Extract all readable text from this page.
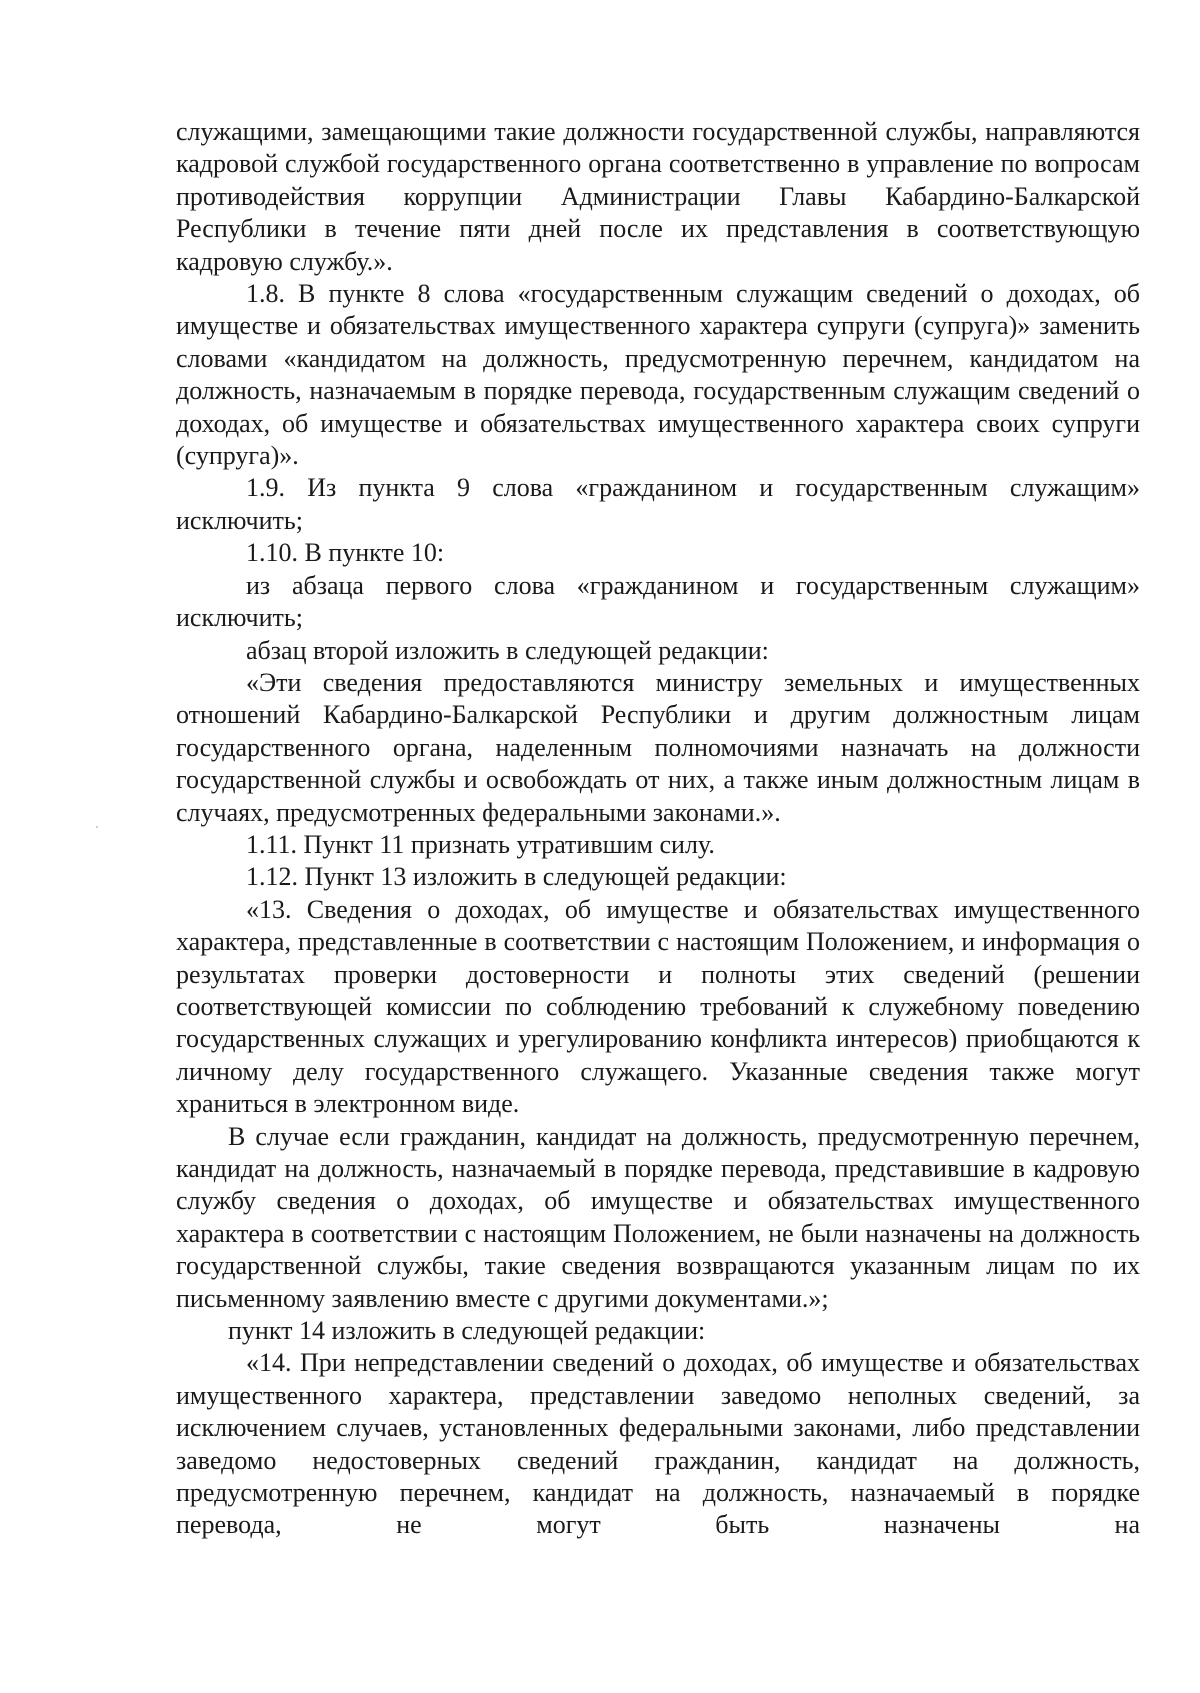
служащими, замещающими такие должности государственной службы, направляются кадровой службой государственного органа соответственно в управление по вопросам противодействия коррупции Администрации Главы Кабардино-Балкарской Республики в течение пяти дней после их представления в соответствующую кадровую службу.».

1.8. В пункте 8 слова «государственным служащим сведений о доходах, об имуществе и обязательствах имущественного характера супруги (супруга)» заменить словами «кандидатом на должность, предусмотренную перечнем, кандидатом на должность, назначаемым в порядке перевода, государственным служащим сведений о доходах, об имуществе и обязательствах имущественного характера своих супруги (супруга)».

1.9. Из пункта 9 слова «гражданином и государственным служащим» исключить;

1.10. В пункте 10:

из абзаца первого слова «гражданином и государственным служащим» исключить;

абзац второй изложить в следующей редакции:

«Эти сведения предоставляются министру земельных и имущественных отношений Кабардино-Балкарской Республики и другим должностным лицам государственного органа, наделенным полномочиями назначать на должности государственной службы и освобождать от них, а также иным должностным лицам в случаях, предусмотренных федеральными законами.».

1.11. Пункт 11 признать утратившим силу.

1.12. Пункт 13 изложить в следующей редакции:

«13. Сведения о доходах, об имуществе и обязательствах имущественного характера, представленные в соответствии с настоящим Положением, и информация о результатах проверки достоверности и полноты этих сведений (решении соответствующей комиссии по соблюдению требований к служебному поведению государственных служащих и урегулированию конфликта интересов) приобщаются к личному делу государственного служащего. Указанные сведения также могут храниться в электронном виде.

В случае если гражданин, кандидат на должность, предусмотренную перечнем, кандидат на должность, назначаемый в порядке перевода, представившие в кадровую службу сведения о доходах, об имуществе и обязательствах имущественного характера в соответствии с настоящим Положением, не были назначены на должность государственной службы, такие сведения возвращаются указанным лицам по их письменному заявлению вместе с другими документами.»;

пункт 14 изложить в следующей редакции:

«14. При непредставлении сведений о доходах, об имуществе и обязательствах имущественного характера, представлении заведомо неполных сведений, за исключением случаев, установленных федеральными законами, либо представлении заведомо недостоверных сведений гражданин, кандидат на должность, предусмотренную перечнем, кандидат на должность, назначаемый в порядке перевода, не могут быть назначены на
